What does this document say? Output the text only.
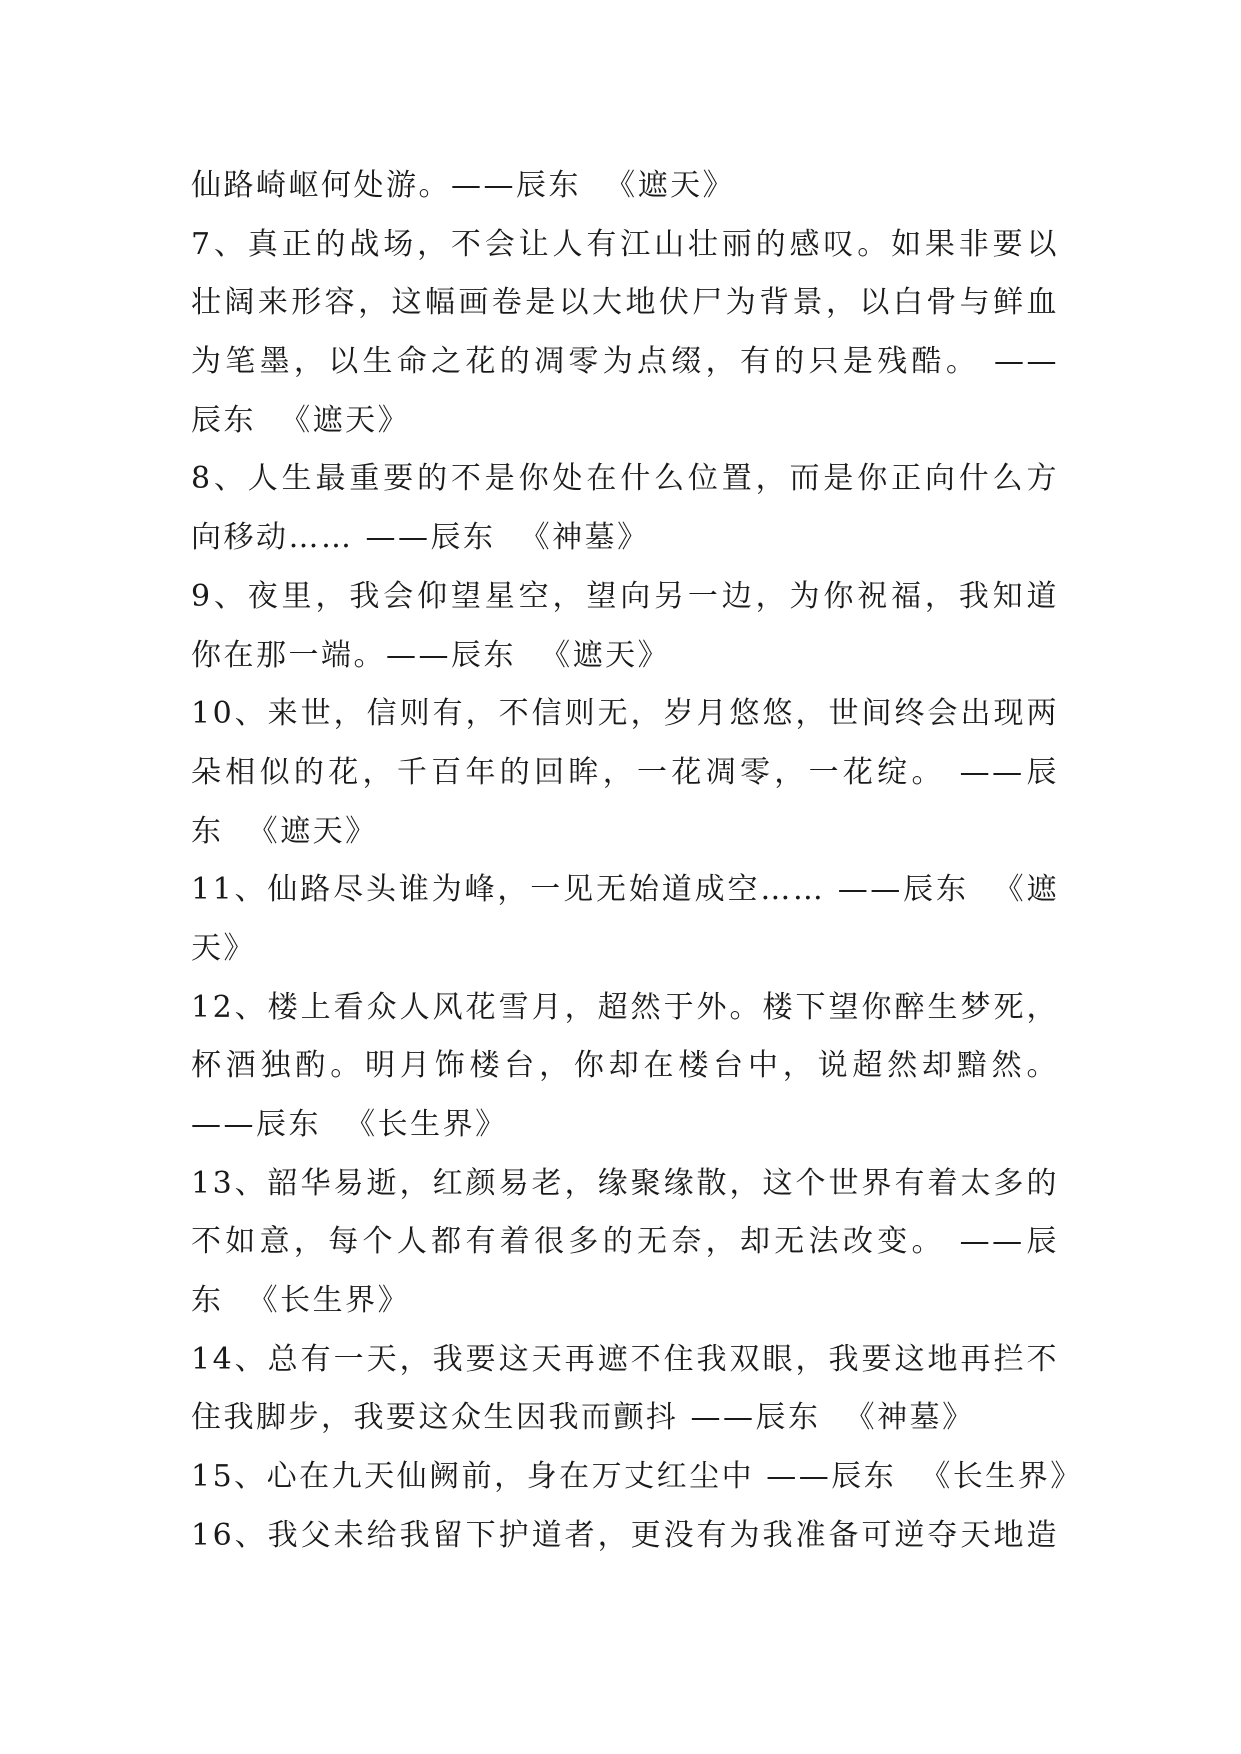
仙路崎岖何处游。——辰东  《遮天》
7、真正的战场，不会让人有江山壮丽的感叹。如果非要以
壮阔来形容，这幅画卷是以大地伏尸为背景，以白骨与鲜血
为笔墨，以生命之花的凋零为点缀，有的只是残酷。 ——
辰东  《遮天》
8、人生最重要的不是你处在什么位置，而是你正向什么方
向移动…… ——辰东  《神墓》
9、夜里，我会仰望星空，望向另一边，为你祝福，我知道
你在那一端。——辰东  《遮天》
10、来世，信则有，不信则无，岁月悠悠，世间终会出现两
朵相似的花，千百年的回眸，一花凋零，一花绽。 ——辰
东  《遮天》
11、仙路尽头谁为峰，一见无始道成空…… ——辰东  《遮
天》
12、楼上看众人风花雪月，超然于外。楼下望你醉生梦死，
杯酒独酌。明月饰楼台，你却在楼台中，说超然却黯然。
——辰东  《长生界》
13、韶华易逝，红颜易老，缘聚缘散，这个世界有着太多的
不如意，每个人都有着很多的无奈，却无法改变。 ——辰
东  《长生界》
14、总有一天，我要这天再遮不住我双眼，我要这地再拦不
住我脚步，我要这众生因我而颤抖 ——辰东  《神墓》
15、心在九天仙阙前，身在万丈红尘中 ——辰东  《长生界》
16、我父未给我留下护道者，更没有为我准备可逆夺天地造
